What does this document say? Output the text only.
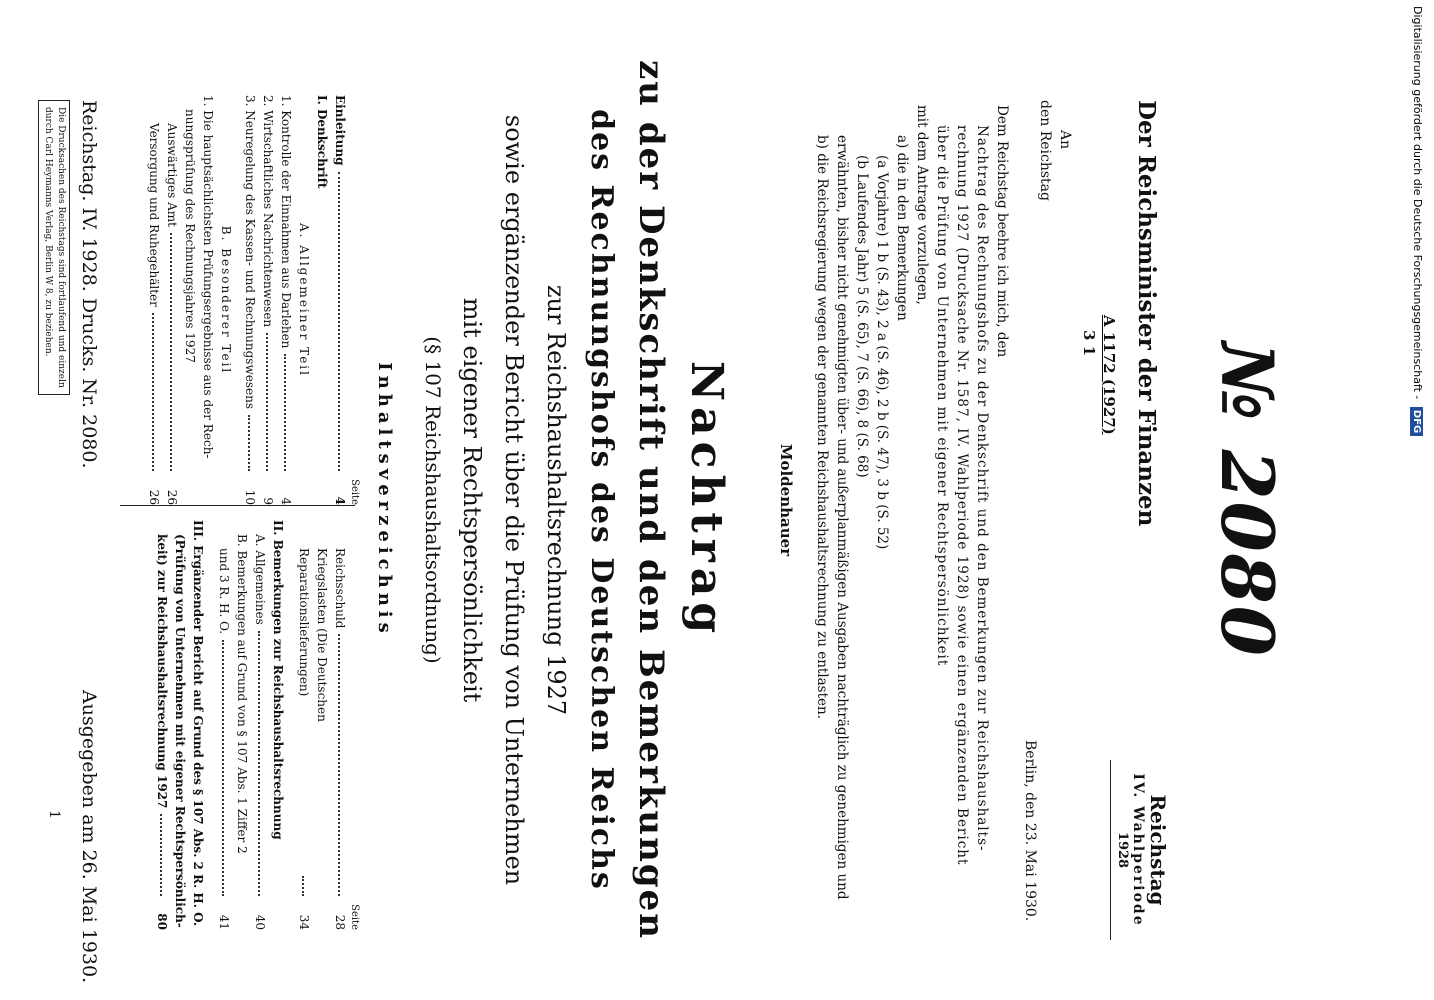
№ 2080
Der Reichsminister der Finanzen
A 1172 (1927)
3 1
Reichstag
IV. Wahlperiode
1928
An
den Reichstag
Berlin, den 23. Mai 1930.
Dem Reichstag beehre ich mich, den
Nachtrag des Rechnungshofs zu der Denkschrift und den Bemerkungen zur Reichshaushalts-
rechnung 1927 (Drucksache Nr. 1587, IV. Wahlperiode 1928) sowie einen ergänzenden Bericht
über die Prüfung von Unternehmen mit eigener Rechtspersönlichkeit
mit dem Antrage vorzulegen,
a) die in den Bemerkungen
(a Vorjahre) 1 b (S. 43), 2 a (S. 46), 2 b (S. 47), 3 b (S. 52)
(b Laufendes Jahr) 5 (S. 65), 7 (S. 66), 8 (S. 68)
erwähnten, bisher nicht genehmigten über- und außerplanmäßigen Ausgaben nachträglich zu genehmigen und
b) die Reichsregierung wegen der genannten Reichshaushaltsrechnung zu entlasten.
Moldenhauer
Nachtrag
zu der Denkschrift und den Bemerkungen
des Rechnungshofs des Deutschen Reichs
zur Reichshaushaltsrechnung 1927
sowie ergänzender Bericht über die Prüfung von Unternehmen
mit eigener Rechtspersönlichkeit
(§ 107 Reichshaushaltsordnung)
Inhaltsverzeichnis
Seite
Einleitung
4
I. Denkschrift
A. Allgemeiner Teil
1. Kontrolle der Einnahmen aus Darlehen
4
2. Wirtschaftliches Nachrichtenwesen
9
3. Neuregelung des Kassen- und Rechnungswesens
10
B. Besonderer Teil
1. Die hauptsächlichsten Prüfungsergebnisse aus der Rech-
nungsprüfung des Rechnungsjahres 1927
Auswärtiges Amt
26
Versorgung und Ruhegehälter
26
Seite
Reichsschuld
28
Kriegslasten (Die Deutschen Reparationslieferungen)
34
II. Bemerkungen zur Reichshaushaltsrechnung
A. Allgemeines
40
B. Bemerkungen auf Grund von § 107 Abs. 1 Ziffer 2
und 3 R. H. O.
41
III. Ergänzender Bericht auf Grund des § 107 Abs. 2 R. H. O.
(Prüfung von Unternehmen mit eigener Rechtspersönlich-
keit) zur Reichshaushaltsrechnung 1927
80
Reichstag. IV. 1928. Drucks. Nr. 2080.
Ausgegeben am 26. Mai 1930.
Die Drucksachen des Reichstags sind fortlaufend und einzeln
durch Carl Heymanns Verlag, Berlin W 8, zu beziehen.
1
Digitalisierung gefördert durch die Deutsche Forschungsgemeinschaft - DFG
